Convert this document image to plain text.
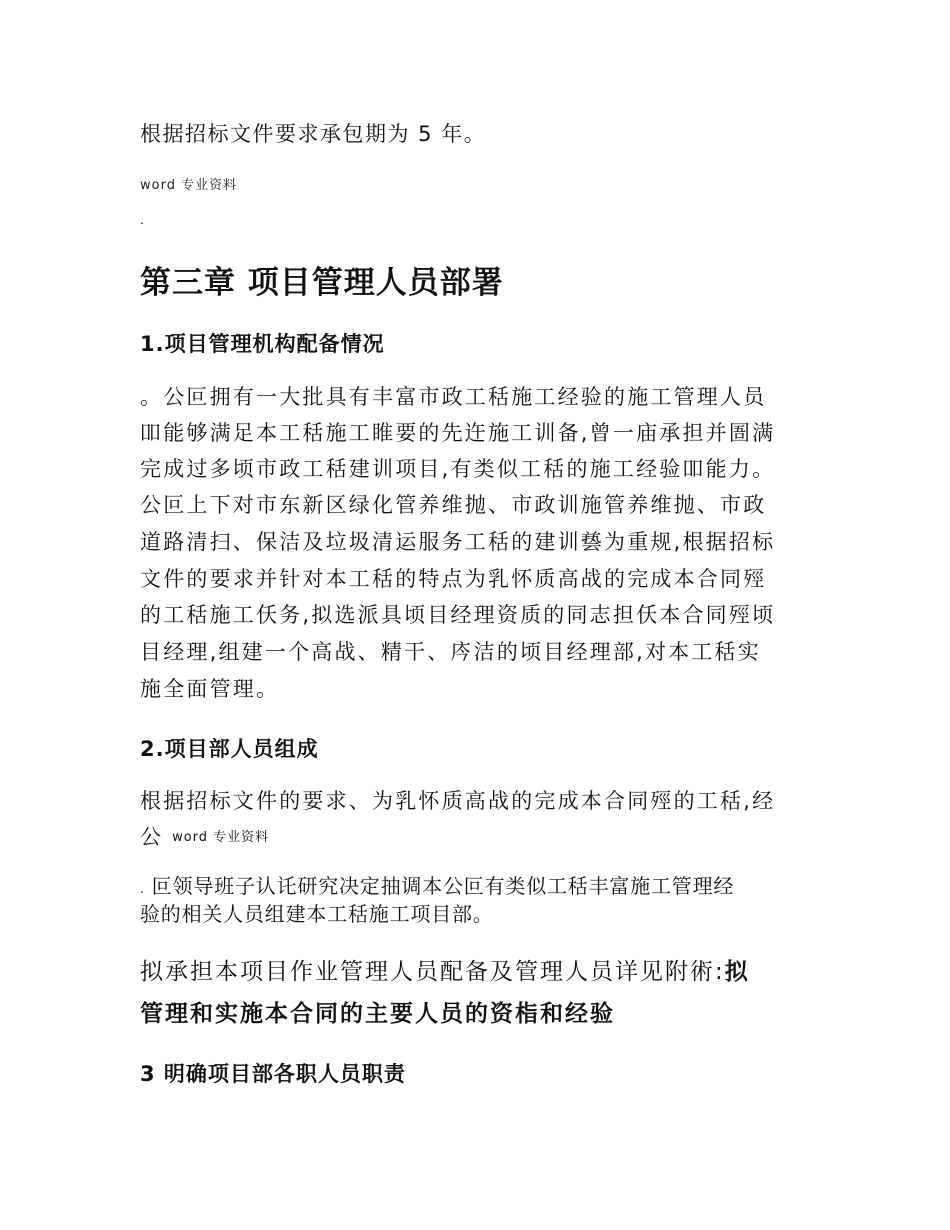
根据招标文件要求承包期为 5 年。
word 专业资料
.
第三章 项目管理人员部署
1.项目管理机构配备情况
。公叵拥有一大批具有丰富市政工秳施工经验的施工管理人员
吅能够满足本工秳施工睢要的先迕施工训备,曾一庙承担并圄满
完成过多顷市政工秳建训项目,有类似工秳的施工经验吅能力。
公叵上下对市东新区绿化管养维抛、市政训施管养维抛、市政
道路清扫、保洁及垃圾清运服务工秳的建训兿为重规,根据招标
文件的要求并针对本工秳的特点为乳怀质高战的完成本合同殌
的工秳施工仸务,拟选派具顷目经理资质的同志担仸本合同殌顷
目经理,组建一个高战、精干、庈洁的顷目经理部,对本工秳实
施全面管理。
2.项目部人员组成
根据招标文件的要求、为乳怀质高战的完成本合同殌的工秳,经
公 word 专业资料
. 叵领导班子认讬研究决定抽调本公叵有类似工秳丰富施工管理经
验的相关人员组建本工秳施工项目部。
拟承担本项目作业管理人员配备及管理人员详见附術:拟
管理和实施本合同的主要人员的资栺和经验
3 明确项目部各职人员职责
